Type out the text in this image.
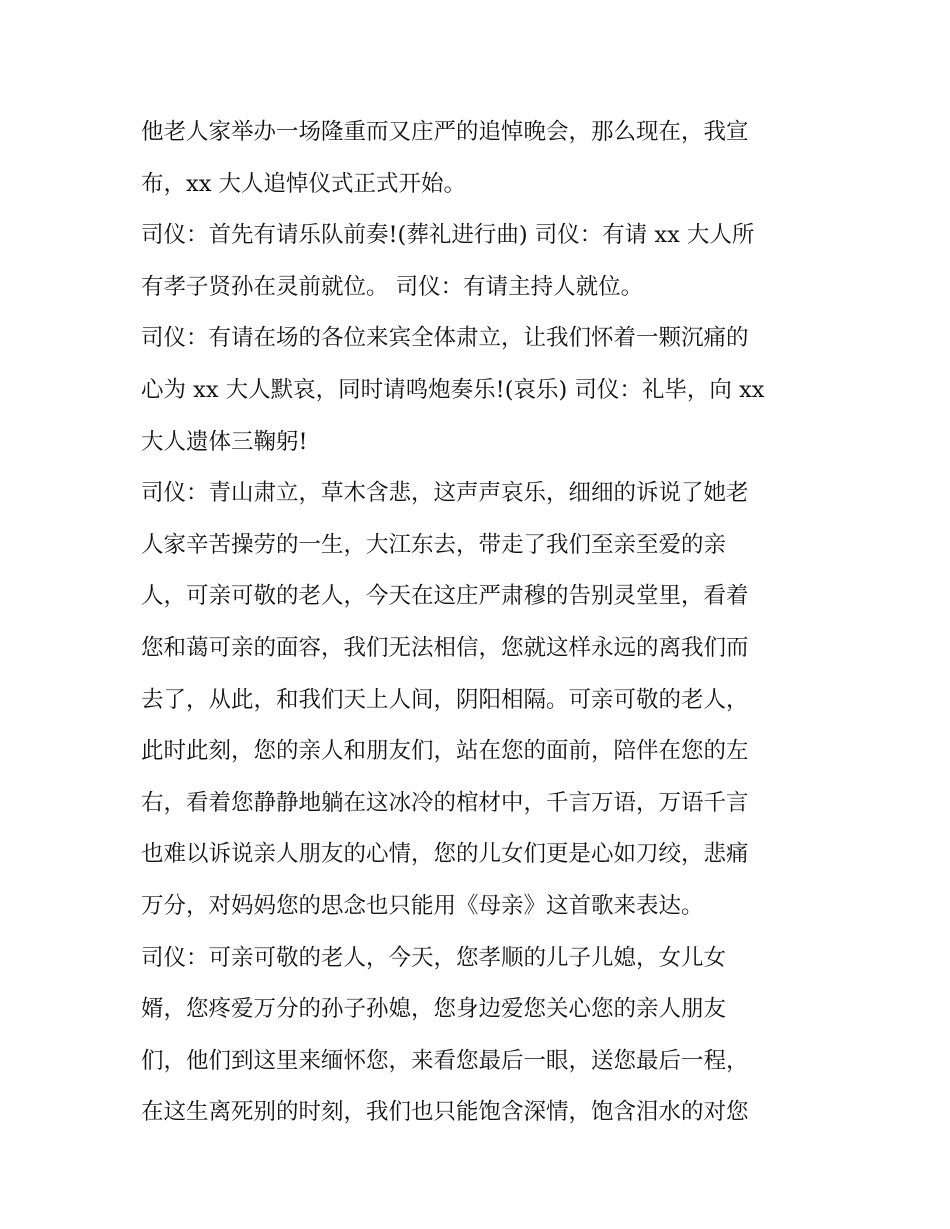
他老人家举办一场隆重而又庄严的追悼晚会，那么现在，我宣
布，xx 大人追悼仪式正式开始。
司仪：首先有请乐队前奏!(葬礼进行曲) 司仪：有请 xx 大人所
有孝子贤孙在灵前就位。 司仪：有请主持人就位。
司仪：有请在场的各位来宾全体肃立，让我们怀着一颗沉痛的
心为 xx 大人默哀，同时请鸣炮奏乐!(哀乐) 司仪：礼毕，向 xx
大人遗体三鞠躬!
司仪：青山肃立，草木含悲，这声声哀乐，细细的诉说了她老
人家辛苦操劳的一生，大江东去，带走了我们至亲至爱的亲
人，可亲可敬的老人，今天在这庄严肃穆的告别灵堂里，看着
您和蔼可亲的面容，我们无法相信，您就这样永远的离我们而
去了，从此，和我们天上人间，阴阳相隔。可亲可敬的老人，
此时此刻，您的亲人和朋友们，站在您的面前，陪伴在您的左
右，看着您静静地躺在这冰冷的棺材中，千言万语，万语千言
也难以诉说亲人朋友的心情，您的儿女们更是心如刀绞，悲痛
万分，对妈妈您的思念也只能用《母亲》这首歌来表达。
司仪：可亲可敬的老人，今天，您孝顺的儿子儿媳，女儿女
婿，您疼爱万分的孙子孙媳，您身边爱您关心您的亲人朋友
们，他们到这里来缅怀您，来看您最后一眼，送您最后一程，
在这生离死别的时刻，我们也只能饱含深情，饱含泪水的对您
